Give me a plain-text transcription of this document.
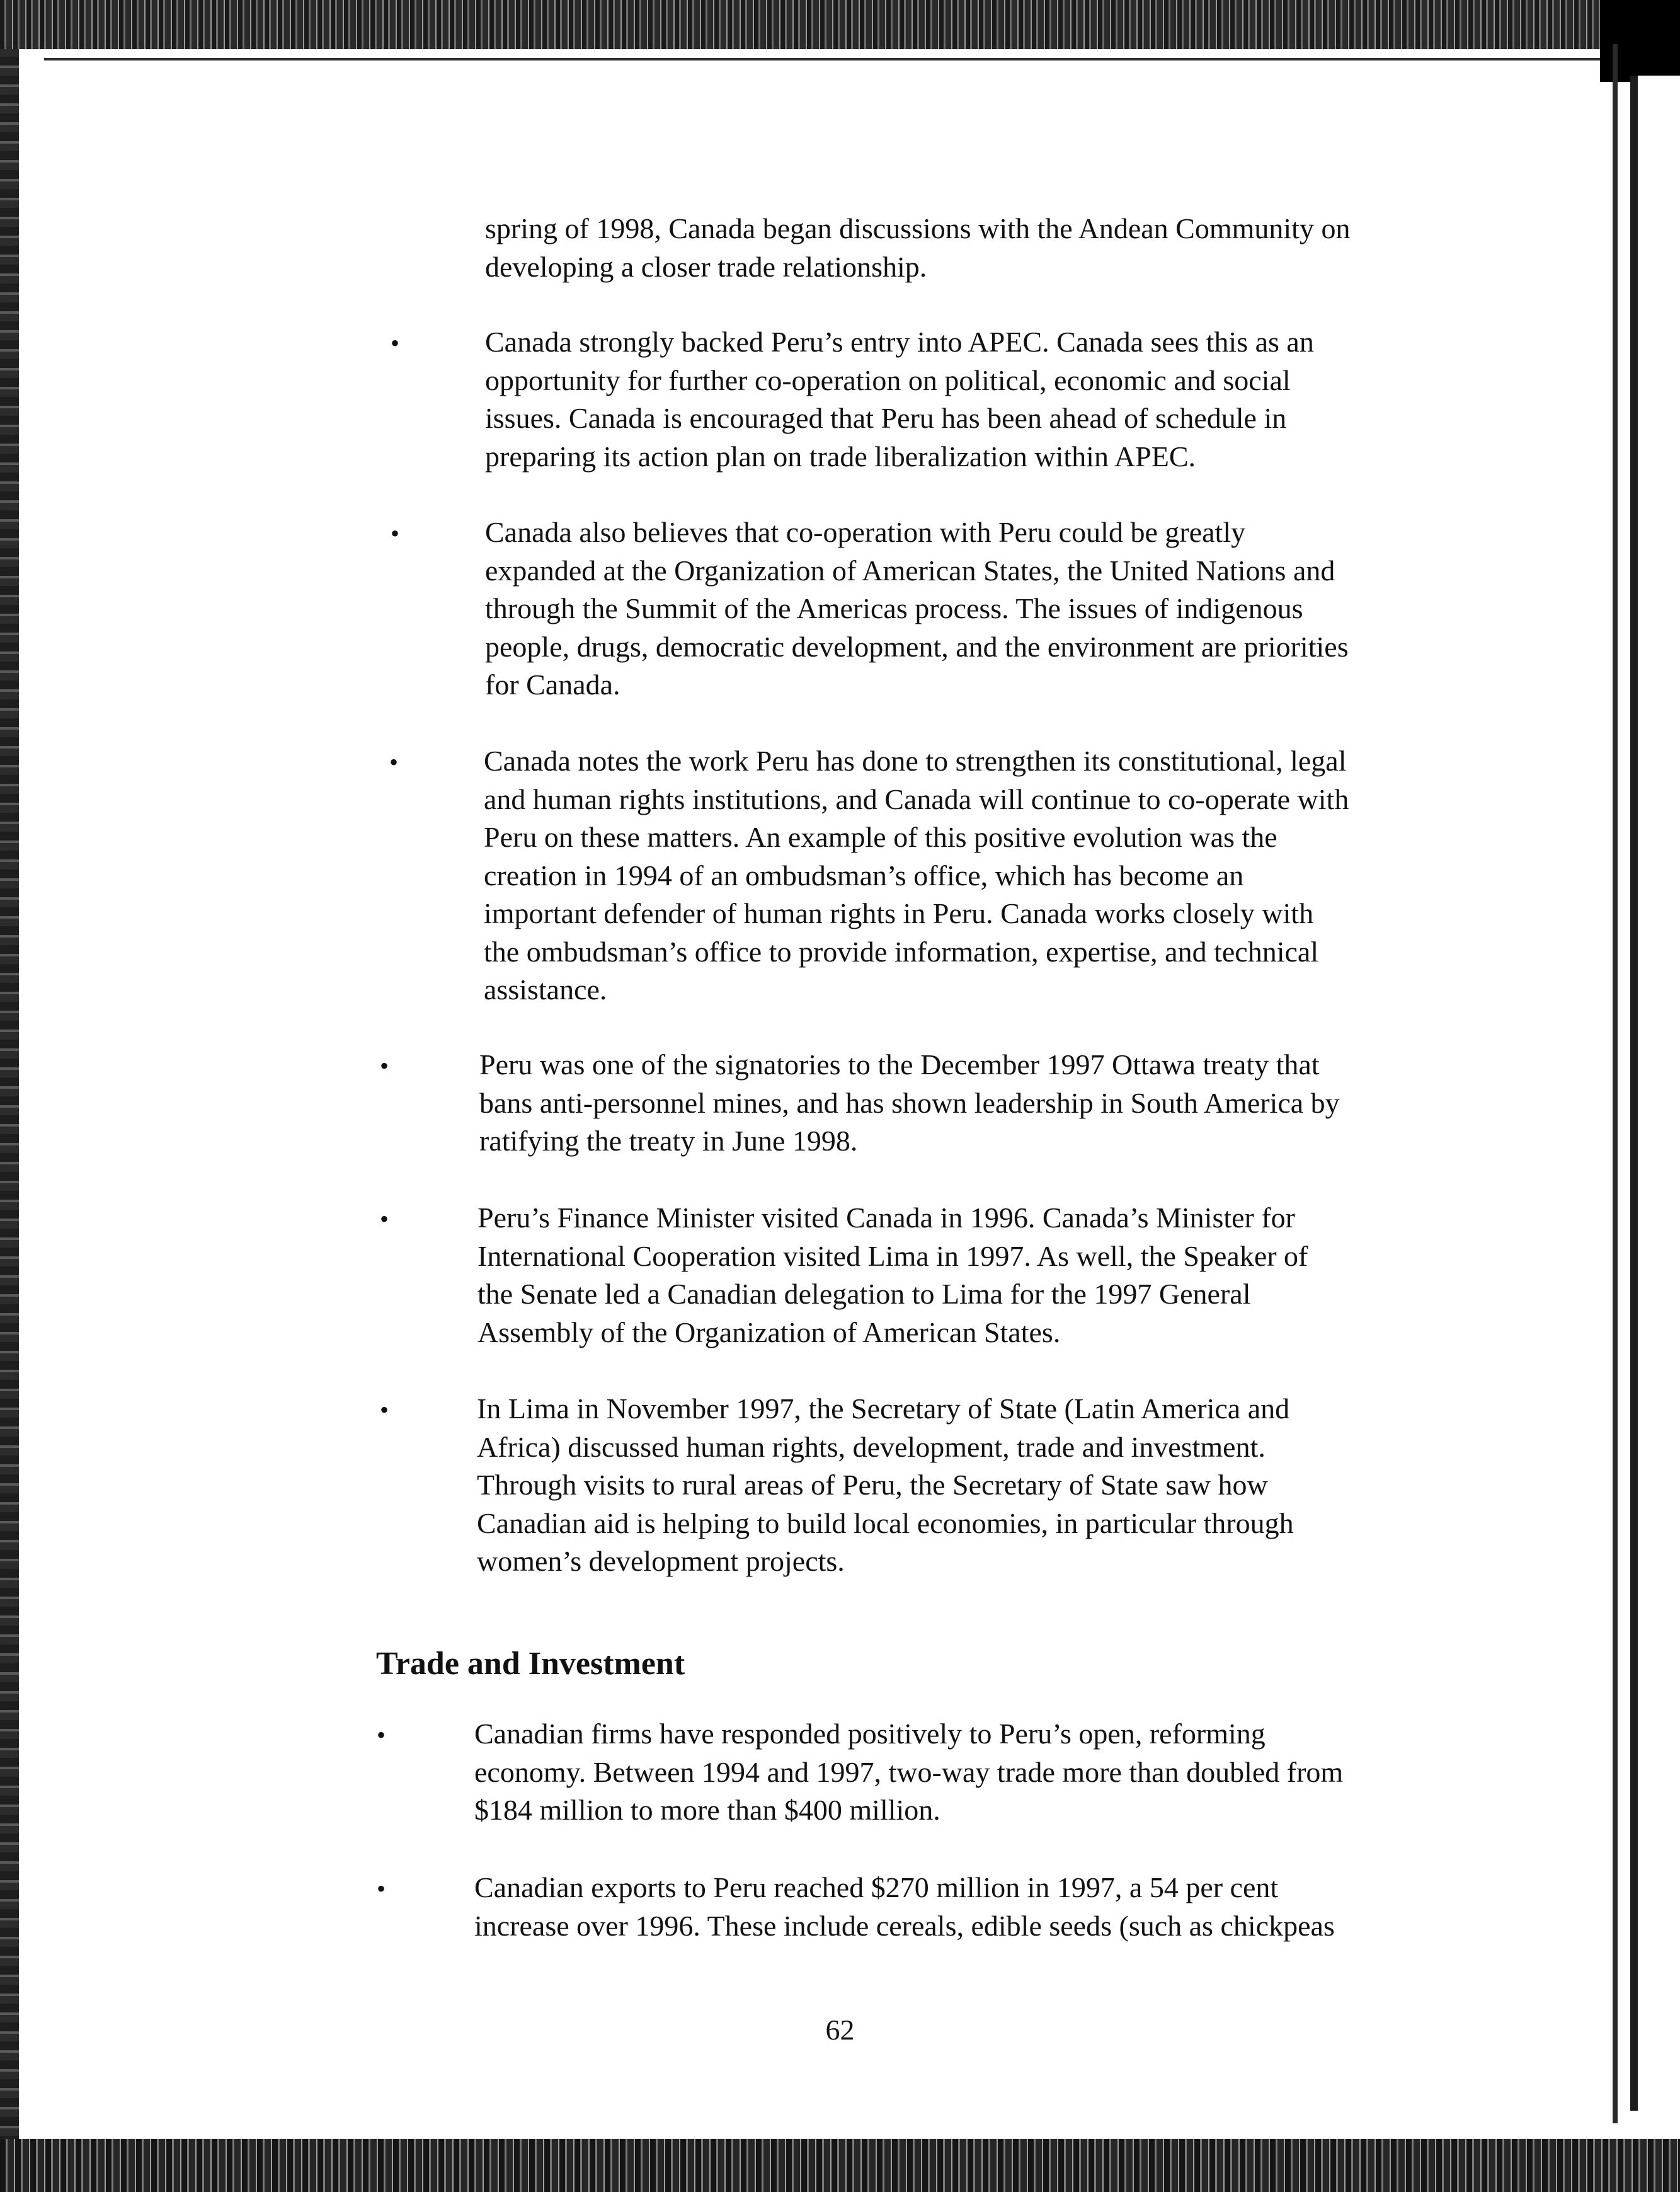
spring of 1998, Canada began discussions with the Andean Community on
developing a closer trade relationship.
•	Canada strongly backed Peru’s entry into APEC. Canada sees this as an
opportunity for further co-operation on political, economic and social
issues. Canada is encouraged that Peru has been ahead of schedule in
preparing its action plan on trade liberalization within APEC.
•	Canada also believes that co-operation with Peru could be greatly
expanded at the Organization of American States, the United Nations and
through the Summit of the Americas process. The issues of indigenous
people, drugs, democratic development, and the environment are priorities
for Canada.
•	Canada notes the work Peru has done to strengthen its constitutional, legal
and human rights institutions, and Canada will continue to co-operate with
Peru on these matters. An example of this positive evolution was the
creation in 1994 of an ombudsman’s office, which has become an
important defender of human rights in Peru. Canada works closely with
the ombudsman’s office to provide information, expertise, and technical
assistance.
•	Peru was one of the signatories to the December 1997 Ottawa treaty that
bans anti-personnel mines, and has shown leadership in South America by
ratifying the treaty in June 1998.
•	Peru’s Finance Minister visited Canada in 1996. Canada’s Minister for
International Cooperation visited Lima in 1997. As well, the Speaker of
the Senate led a Canadian delegation to Lima for the 1997 General
Assembly of the Organization of American States.
•	In Lima in November 1997, the Secretary of State (Latin America and
Africa) discussed human rights, development, trade and investment.
Through visits to rural areas of Peru, the Secretary of State saw how
Canadian aid is helping to build local economies, in particular through
women’s development projects.
Trade and Investment
•	Canadian firms have responded positively to Peru’s open, reforming
economy. Between 1994 and 1997, two-way trade more than doubled from
$184 million to more than $400 million.
•	Canadian exports to Peru reached $270 million in 1997, a 54 per cent
increase over 1996. These include cereals, edible seeds (such as chickpeas
62
